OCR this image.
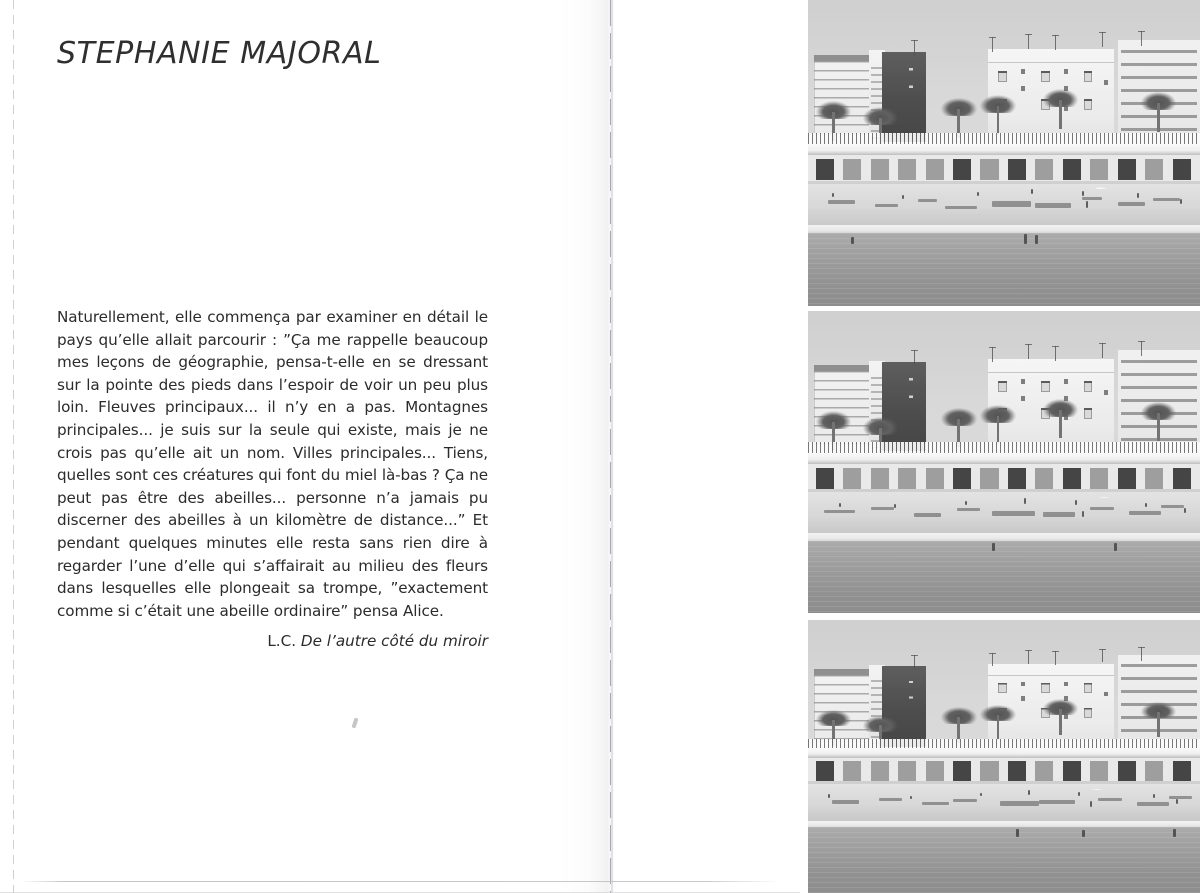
STEPHANIE MAJORAL

Naturellement, elle commença par examiner en détail le pays qu’elle allait parcourir : ”Ça me rappelle beaucoup mes leçons de géographie, pensa-t-elle en se dressant sur la pointe des pieds dans l’espoir de voir un peu plus loin. Fleuves principaux... il n’y en a pas. Montagnes principales... je suis sur la seule qui existe, mais je ne crois pas qu’elle ait un nom. Villes principales... Tiens, quelles sont ces créatures qui font du miel là-bas ? Ça ne peut pas être des abeilles... personne n’a jamais pu discerner des abeilles à un kilomètre de distance...” Et pendant quelques minutes elle resta sans rien dire à regarder l’une d’elle qui s’affairait au milieu des fleurs dans lesquelles elle plongeait sa trompe, ”exactement comme si c’était une abeille ordinaire” pensa Alice.

L.C. De l’autre côté du miroir
